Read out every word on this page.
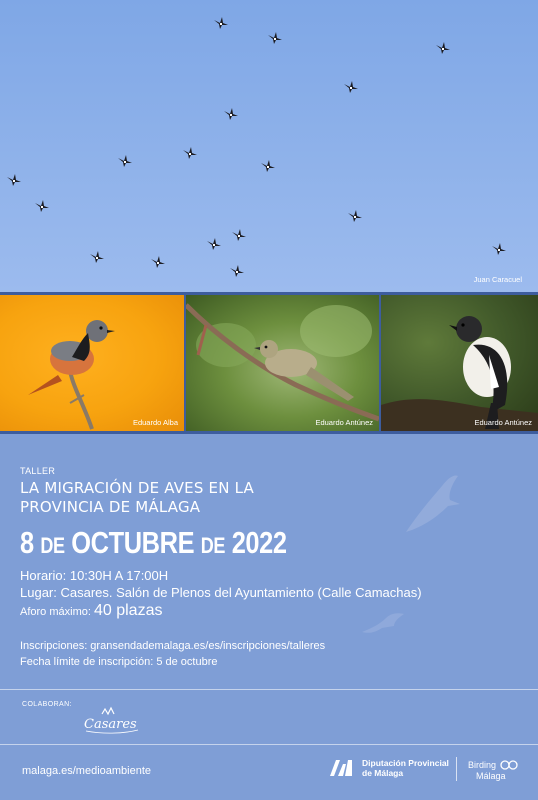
Juan Caracuel
Eduardo Alba	Eduardo Antúnez	Eduardo Antúnez
TALLER
LA MIGRACIÓN DE AVES EN LA
PROVINCIA DE MÁLAGA
8 DE OCTUBRE DE 2022
Horario: 10:30H A 17:00H
Lugar: Casares. Salón de Plenos del Ayuntamiento (Calle Camachas)
Aforo máximo: 40 plazas
Inscripciones: gransendademalaga.es/es/inscripciones/talleres
Fecha límite de inscripción: 5 de octubre
COLABORAN:
Casares
malaga.es/medioambiente
Diputación Provincial
de Málaga
Birding
Málaga
